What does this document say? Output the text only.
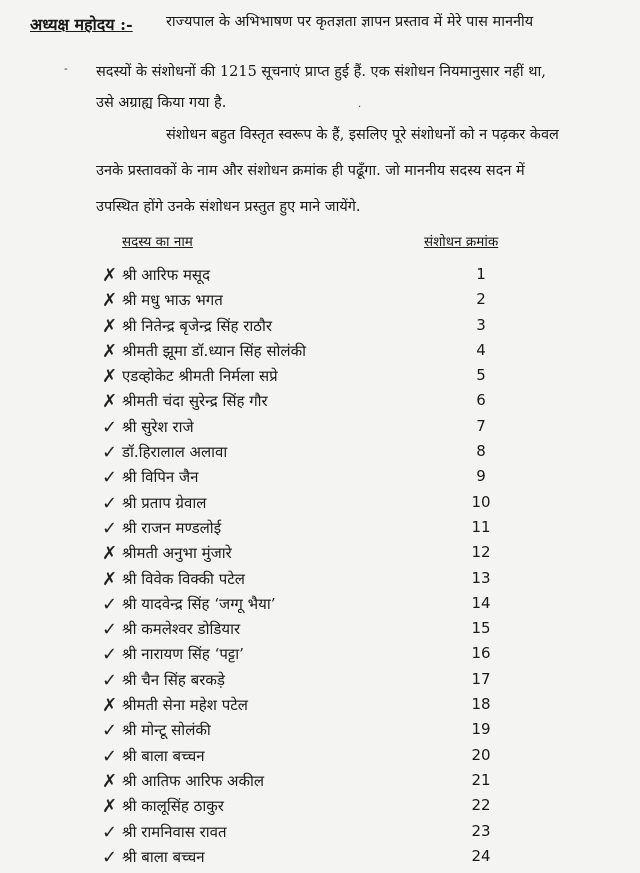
अध्यक्ष महोदय :- राज्यपाल के अभिभाषण पर कृतज्ञता ज्ञापन प्रस्ताव में मेरे पास माननीय
- सदस्यों के संशोधनों की 1215 सूचनाएं प्राप्त हुई हैं. एक संशोधन नियमानुसार नहीं था,
उसे अग्राह्य किया गया है.	.
संशोधन बहुत विस्तृत स्वरूप के हैं, इसलिए पूरे संशोधनों को न पढ़कर केवल
उनके प्रस्तावकों के नाम और संशोधन क्रमांक ही पढूँगा. जो माननीय सदस्य सदन में
उपस्थित होंगे उनके संशोधन प्रस्तुत हुए माने जायेंगे.
सदस्य का नाम	संशोधन क्रमांक
✗ श्री आरिफ मसूद	1
✗ श्री मधु भाऊ भगत	2
✗ श्री नितेन्द्र बृजेन्द्र सिंह राठौर	3
✗ श्रीमती झूमा डॉ.ध्यान सिंह सोलंकी	4
✗ एडव्होकेट श्रीमती निर्मला सप्रे	5
✗ श्रीमती चंदा सुरेन्द्र सिंह गौर	6
✓ श्री सुरेश राजे	7
✓ डॉ.हिरालाल अलावा	8
✓ श्री विपिन जैन	9
✓ श्री प्रताप ग्रेवाल	10
✓ श्री राजन मण्डलोई	11
✗ श्रीमती अनुभा मुंजारे	12
✗ श्री विवेक विक्की पटेल	13
✓ श्री यादवेन्द्र सिंह ‘जग्गू भैया’	14
✓ श्री कमलेश्वर डोडियार	15
✓ श्री नारायण सिंह ‘पट्टा’	16
✓ श्री चैन सिंह बरकड़े	17
✗ श्रीमती सेना महेश पटेल	18
✓ श्री मोन्टू सोलंकी	19
✓ श्री बाला बच्चन	20
✗ श्री आतिफ आरिफ अकील	21
✗ श्री कालूसिंह ठाकुर	22
✓ श्री रामनिवास रावत	23
✓ श्री बाला बच्चन	24
